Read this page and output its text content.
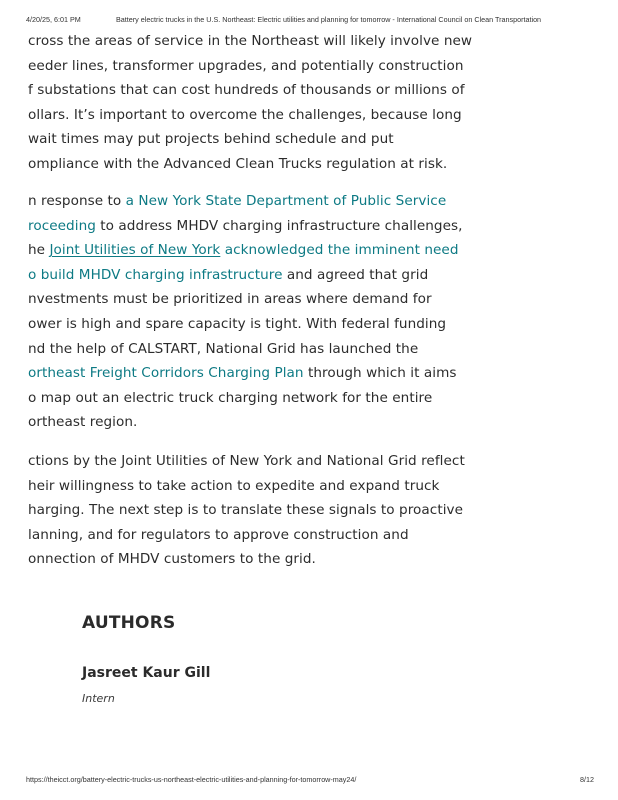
4/20/25, 6:01 PM	Battery electric trucks in the U.S. Northeast: Electric utilities and planning for tomorrow - International Council on Clean Transportation
cross the areas of service in the Northeast will likely involve new
eeder lines, transformer upgrades, and potentially construction
f substations that can cost hundreds of thousands or millions of
ollars. It’s important to overcome the challenges, because long
wait times may put projects behind schedule and put
ompliance with the Advanced Clean Trucks regulation at risk.
n response to a New York State Department of Public Service
roceeding to address MHDV charging infrastructure challenges,
he Joint Utilities of New York acknowledged the imminent need
o build MHDV charging infrastructure and agreed that grid
nvestments must be prioritized in areas where demand for
ower is high and spare capacity is tight. With federal funding
nd the help of CALSTART, National Grid has launched the
ortheast Freight Corridors Charging Plan through which it aims
o map out an electric truck charging network for the entire
ortheast region.
ctions by the Joint Utilities of New York and National Grid reflect
heir willingness to take action to expedite and expand truck
harging. The next step is to translate these signals to proactive
lanning, and for regulators to approve construction and
onnection of MHDV customers to the grid.
AUTHORS

Jasreet Kaur Gill

Intern

https://theicct.org/battery-electric-trucks-us-northeast-electric-utilities-and-planning-for-tomorrow-may24/	8/12
